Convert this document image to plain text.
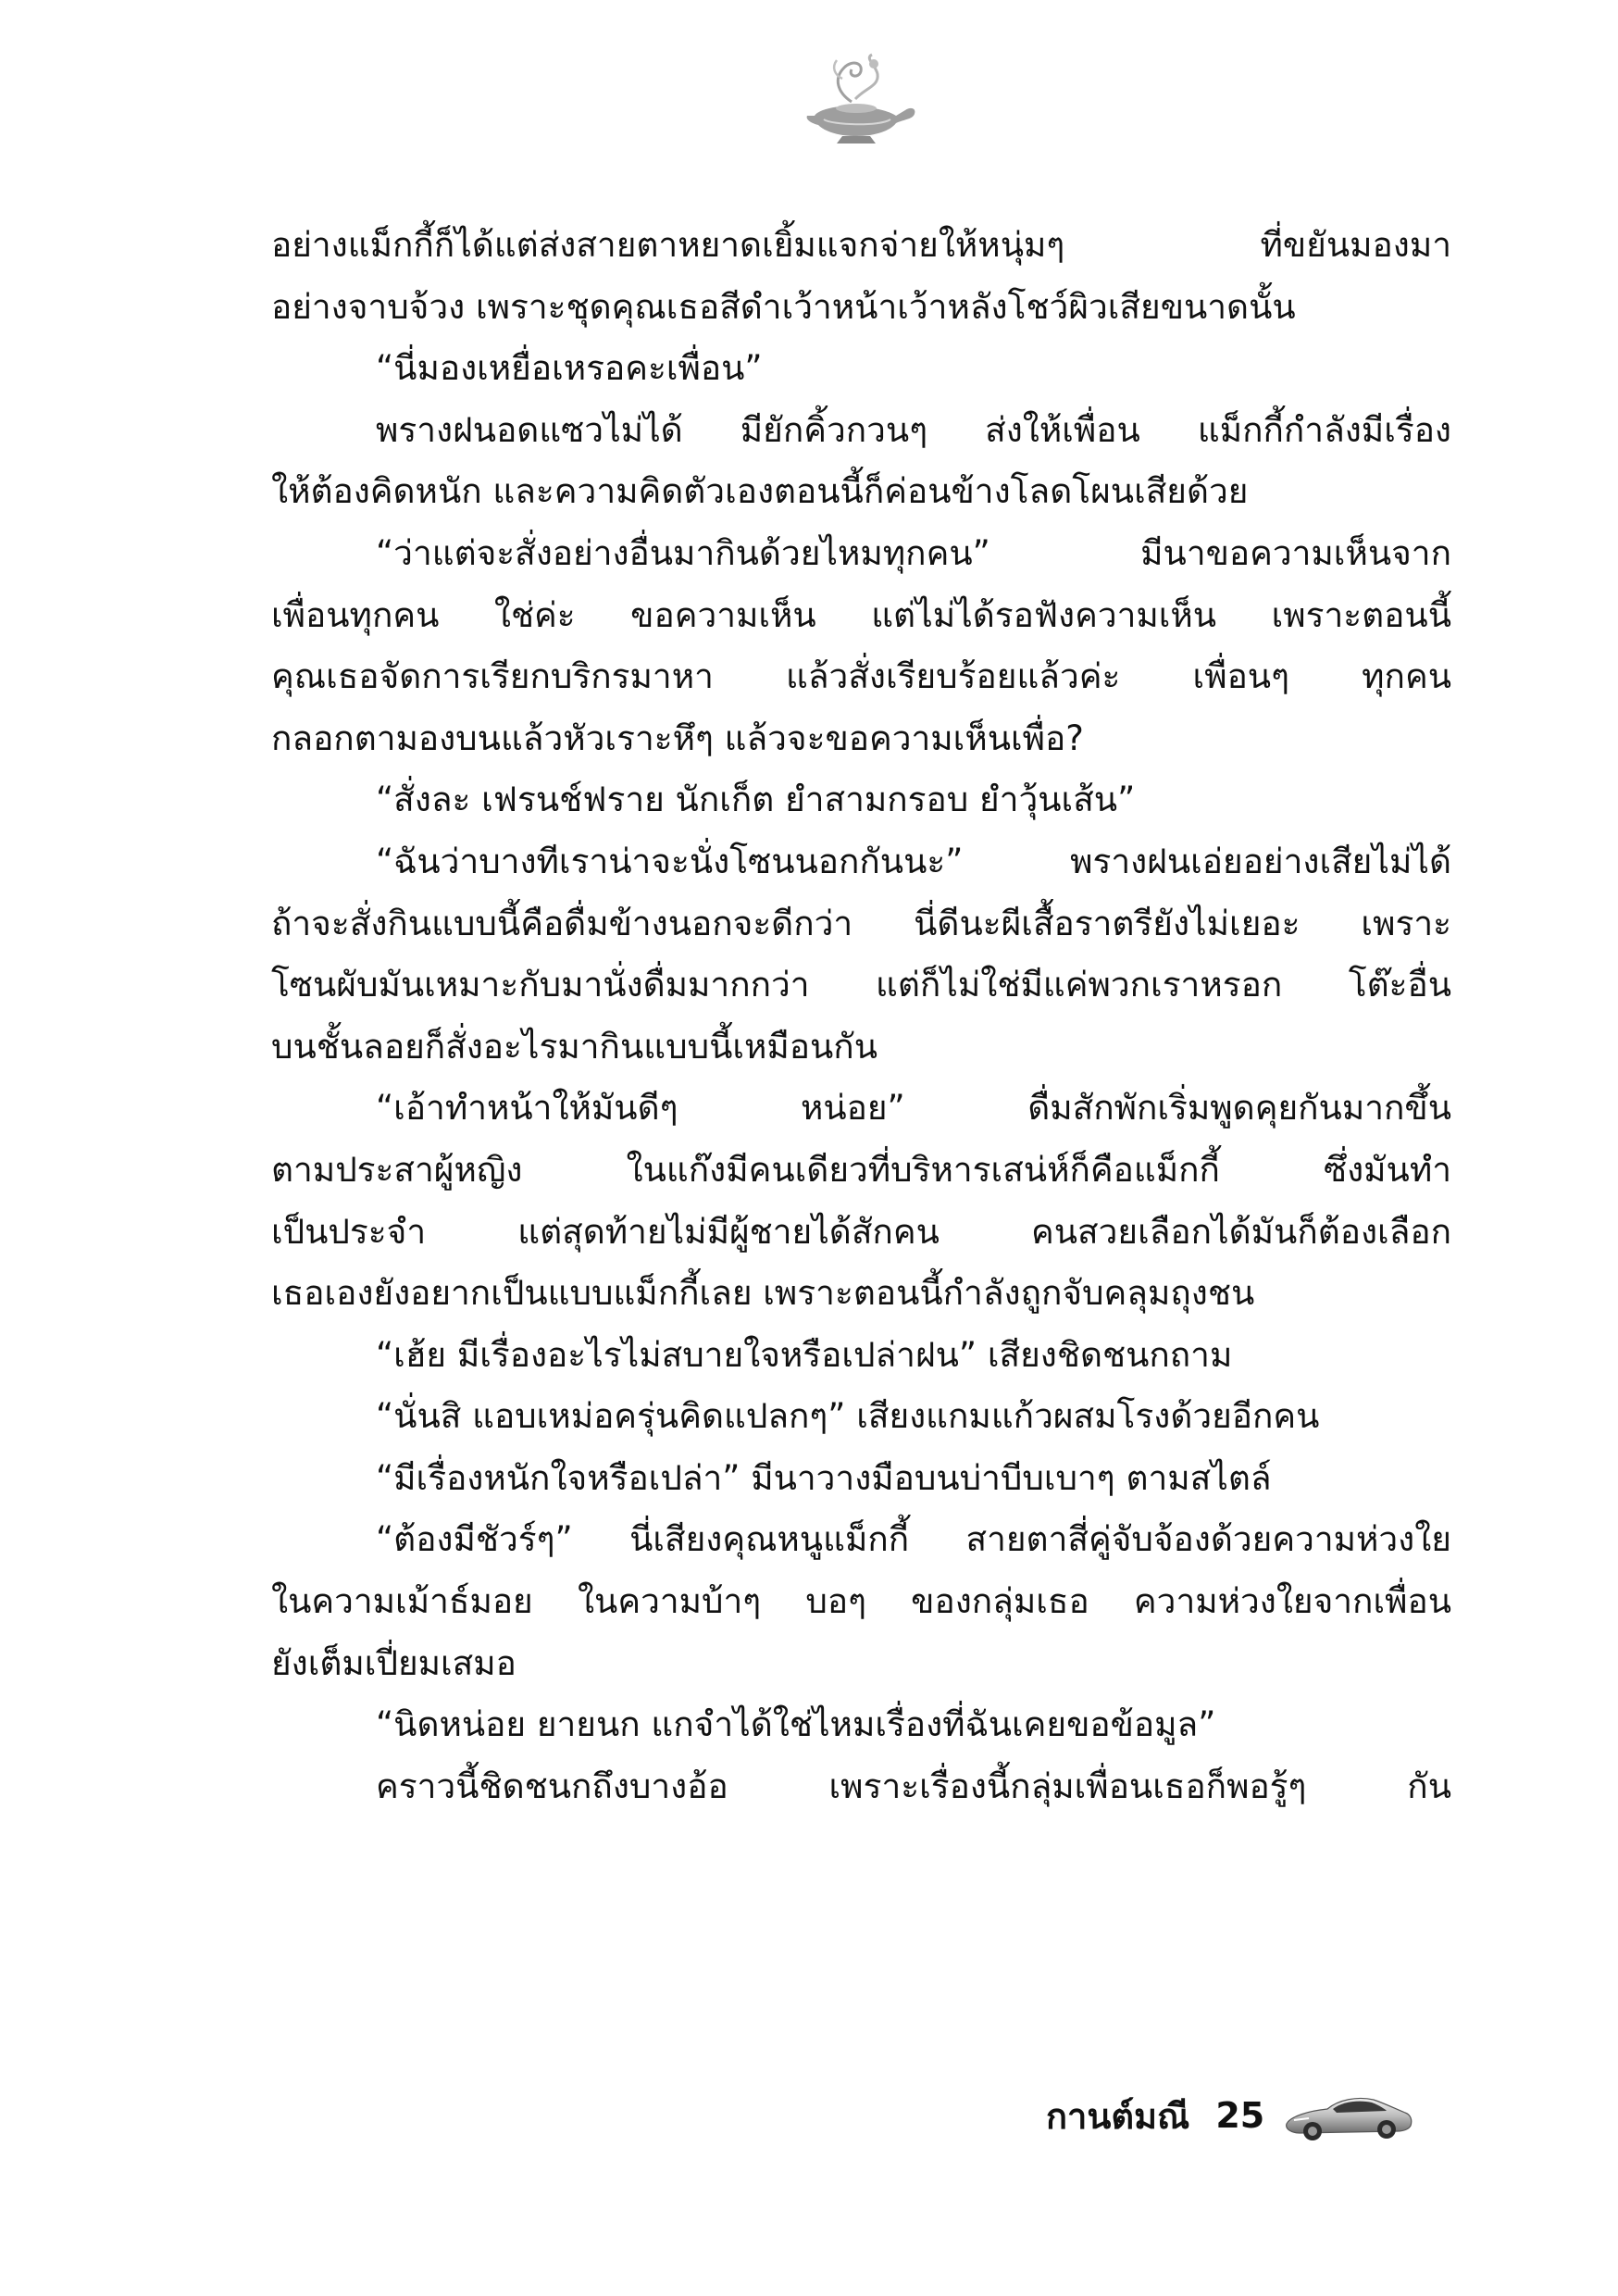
อย่างแม็กกี้ก็ได้แต่ส่งสายตาหยาดเยิ้มแจกจ่ายให้หนุ่มๆ ที่ขยันมองมา

อย่างจาบจ้วง เพราะชุดคุณเธอสีดำเว้าหน้าเว้าหลังโชว์ผิวเสียขนาดนั้น

“นี่มองเหยื่อเหรอคะเพื่อน”

พรางฝนอดแซวไม่ได้ มียักคิ้วกวนๆ ส่งให้เพื่อน แม็กกี้กำลังมีเรื่อง

ให้ต้องคิดหนัก และความคิดตัวเองตอนนี้ก็ค่อนข้างโลดโผนเสียด้วย

“ว่าแต่จะสั่งอย่างอื่นมากินด้วยไหมทุกคน” มีนาขอความเห็นจาก

เพื่อนทุกคน ใช่ค่ะ ขอความเห็น แต่ไม่ได้รอฟังความเห็น เพราะตอนนี้

คุณเธอจัดการเรียกบริกรมาหา แล้วสั่งเรียบร้อยแล้วค่ะ เพื่อนๆ ทุกคน

กลอกตามองบนแล้วหัวเราะหึๆ แล้วจะขอความเห็นเพื่อ?

“สั่งละ เฟรนช์ฟราย นักเก็ต ยำสามกรอบ ยำวุ้นเส้น”

“ฉันว่าบางทีเราน่าจะนั่งโซนนอกกันนะ” พรางฝนเอ่ยอย่างเสียไม่ได้

ถ้าจะสั่งกินแบบนี้คือดื่มข้างนอกจะดีกว่า นี่ดีนะผีเสื้อราตรียังไม่เยอะ เพราะ

โซนผับมันเหมาะกับมานั่งดื่มมากกว่า แต่ก็ไม่ใช่มีแค่พวกเราหรอก โต๊ะอื่น

บนชั้นลอยก็สั่งอะไรมากินแบบนี้เหมือนกัน

“เอ้าทำหน้าให้มันดีๆ หน่อย” ดื่มสักพักเริ่มพูดคุยกันมากขึ้น

ตามประสาผู้หญิง ในแก๊งมีคนเดียวที่บริหารเสน่ห์ก็คือแม็กกี้ ซึ่งมันทำ

เป็นประจำ แต่สุดท้ายไม่มีผู้ชายได้สักคน คนสวยเลือกได้มันก็ต้องเลือก

เธอเองยังอยากเป็นแบบแม็กกี้เลย เพราะตอนนี้กำลังถูกจับคลุมถุงชน

“เฮ้ย มีเรื่องอะไรไม่สบายใจหรือเปล่าฝน” เสียงชิดชนกถาม

“นั่นสิ แอบเหม่อครุ่นคิดแปลกๆ” เสียงแกมแก้วผสมโรงด้วยอีกคน

“มีเรื่องหนักใจหรือเปล่า” มีนาวางมือบนบ่าบีบเบาๆ ตามสไตล์

“ต้องมีชัวร์ๆ” นี่เสียงคุณหนูแม็กกี้ สายตาสี่คู่จับจ้องด้วยความห่วงใย

ในความเม้าธ์มอย ในความบ้าๆ บอๆ ของกลุ่มเธอ ความห่วงใยจากเพื่อน

ยังเต็มเปี่ยมเสมอ

“นิดหน่อย ยายนก แกจำได้ใช่ไหมเรื่องที่ฉันเคยขอข้อมูล”

คราวนี้ชิดชนกถึงบางอ้อ เพราะเรื่องนี้กลุ่มเพื่อนเธอก็พอรู้ๆ กัน

กานต์มณี 25
